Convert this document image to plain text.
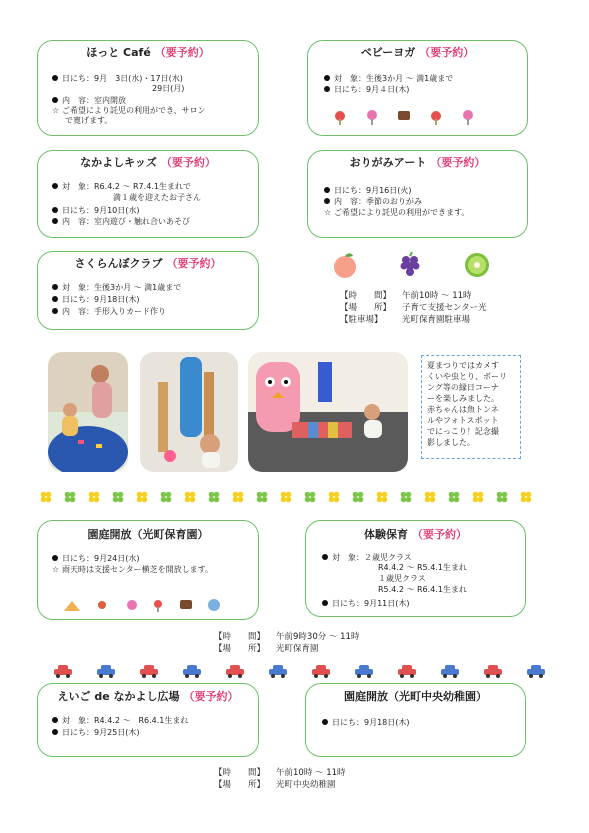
ほっと Café （要予約）
日にち：9月　3日(水)・17日(水)
29日(月)
内　容：室内開放
☆ ご希望により託児の利用ができ、サロン
で寛げます。
ベビーヨガ （要予約）
対　象：生後3か月 ～ 満1歳まで
日にち：9月４日(木)
なかよしキッズ （要予約）
対　象：R6.4.2 ～ R7.4.1生まれで
満１歳を迎えたお子さん
日にち：9月10日(水)
内　容：室内遊び・触れ合いあそび
おりがみアート （要予約）
日にち：9月16日(火)
内　容：季節のおりがみ
☆ ご希望により託児の利用ができます。
さくらんぼクラブ （要予約）
対　象：生後3か月 ～ 満1歳まで
日にち：9月18日(木)
内　容：手形入りカード作り
【時　　間】 午前10時 ～ 11時
【場　　所】 子育て支援センター光
【駐車場】 光町保育園駐車場
夏まつりではカメす
くいや虫とり、ボーリ
ング等の縁日コーナ
ーを楽しみました。
赤ちゃんは魚トンネ
ルやフォトスポット
でにっこり！記念撮
影しました。
園庭開放（光町保育園）
日にち：9月24日(水)
☆ 雨天時は支援センター横芝を開放します。
体験保育 （要予約）
対　象：２歳児クラス
R4.4.2 ～ R5.4.1生まれ
１歳児クラス
R5.4.2 ～ R6.4.1生まれ
日にち：9月11日(木)
【時　　間】 午前9時30分 ～ 11時
【場　　所】 光町保育園
えいご de なかよし広場 （要予約）
対　象：R4.4.2 ～　R6.4.1生まれ
日にち：9月25日(木)
園庭開放（光町中央幼稚園）
日にち：9月18日(木)
【時　　間】 午前10時 ～ 11時
【場　　所】 光町中央幼稚園
